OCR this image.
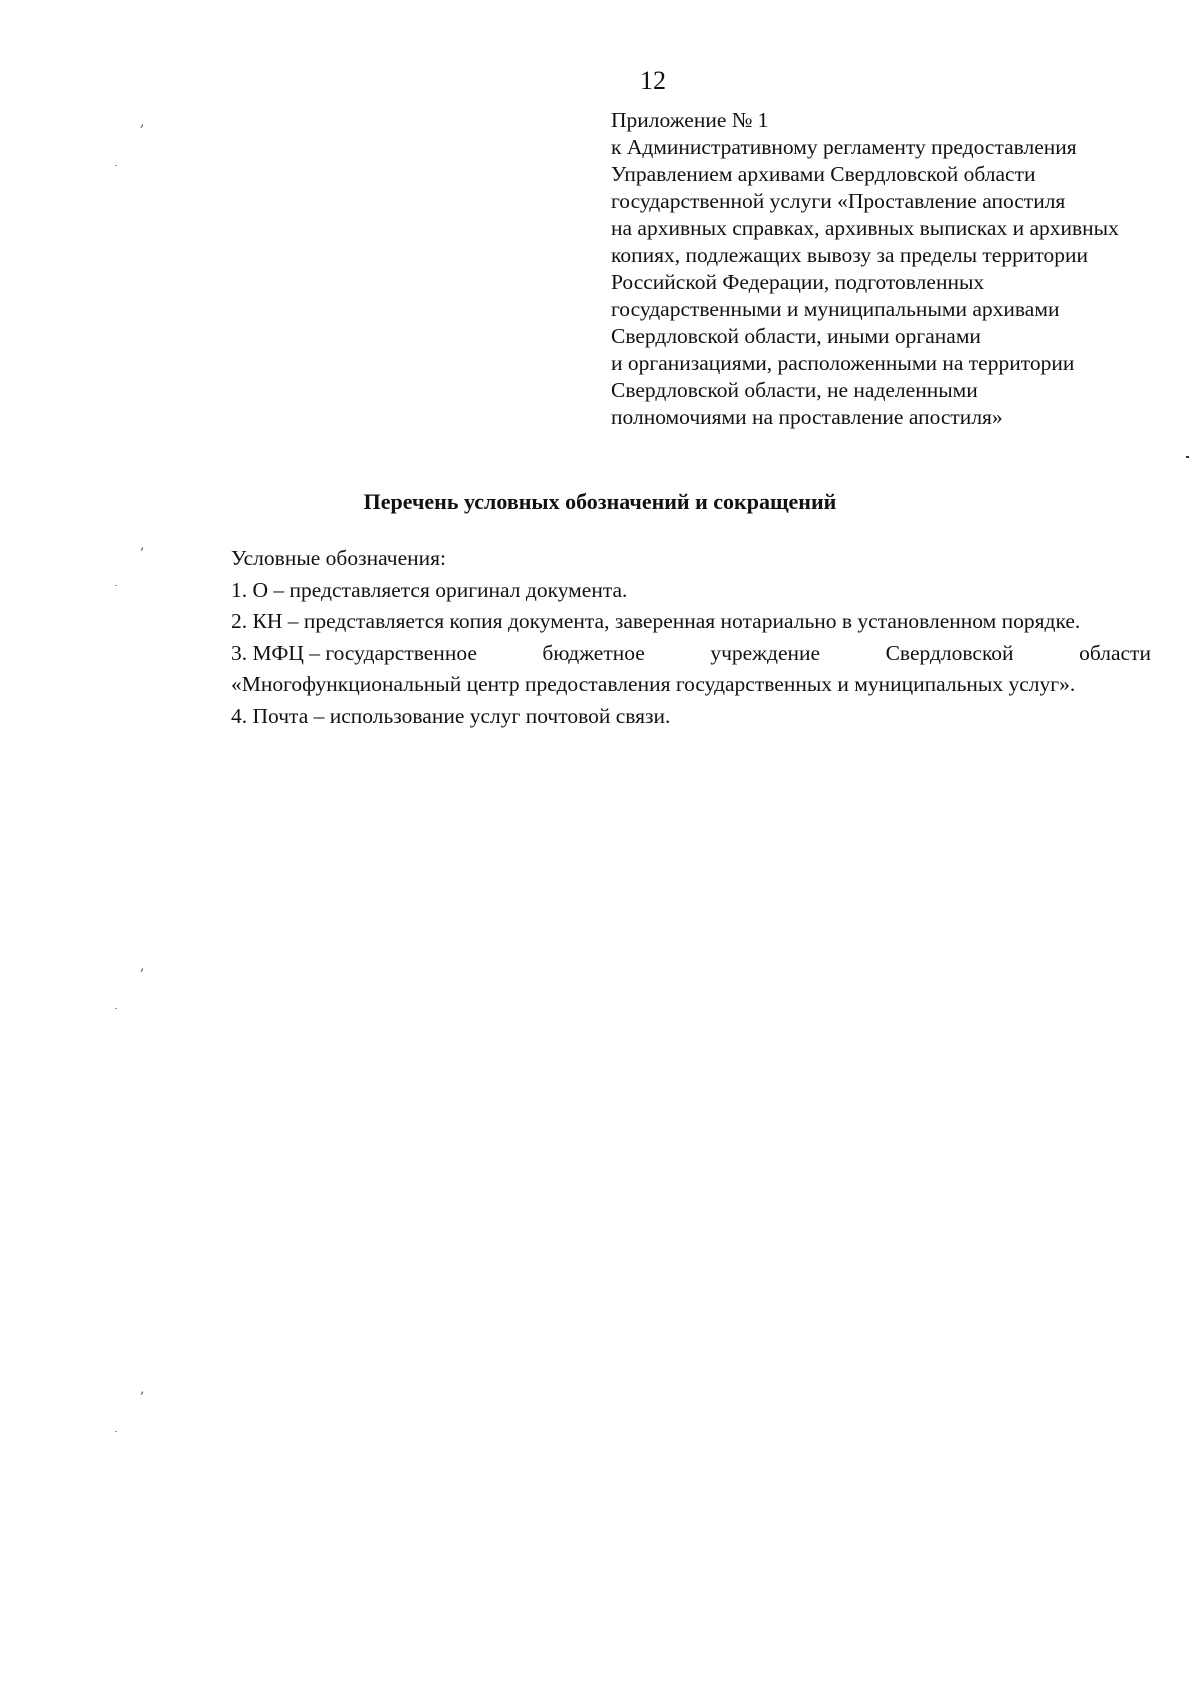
12
Приложение № 1
к Административному регламенту предоставления
Управлением архивами Свердловской области
государственной услуги «Проставление апостиля
на архивных справках, архивных выписках и архивных
копиях, подлежащих вывозу за пределы территории
Российской Федерации, подготовленных
государственными и муниципальными архивами
Свердловской области, иными органами
и организациями, расположенными на территории
Свердловской области, не наделенными
полномочиями на проставление апостиля»
Перечень условных обозначений и сокращений
Условные обозначения:
1. О – представляется оригинал документа.
2. КН – представляется копия документа, заверенная нотариально в установленном порядке.
3. МФЦ – государственное	бюджетное	учреждение	Свердловской	области
«Многофункциональный центр предоставления государственных и муниципальных услуг».
4. Почта – использование услуг почтовой связи.
,
,
,
,
